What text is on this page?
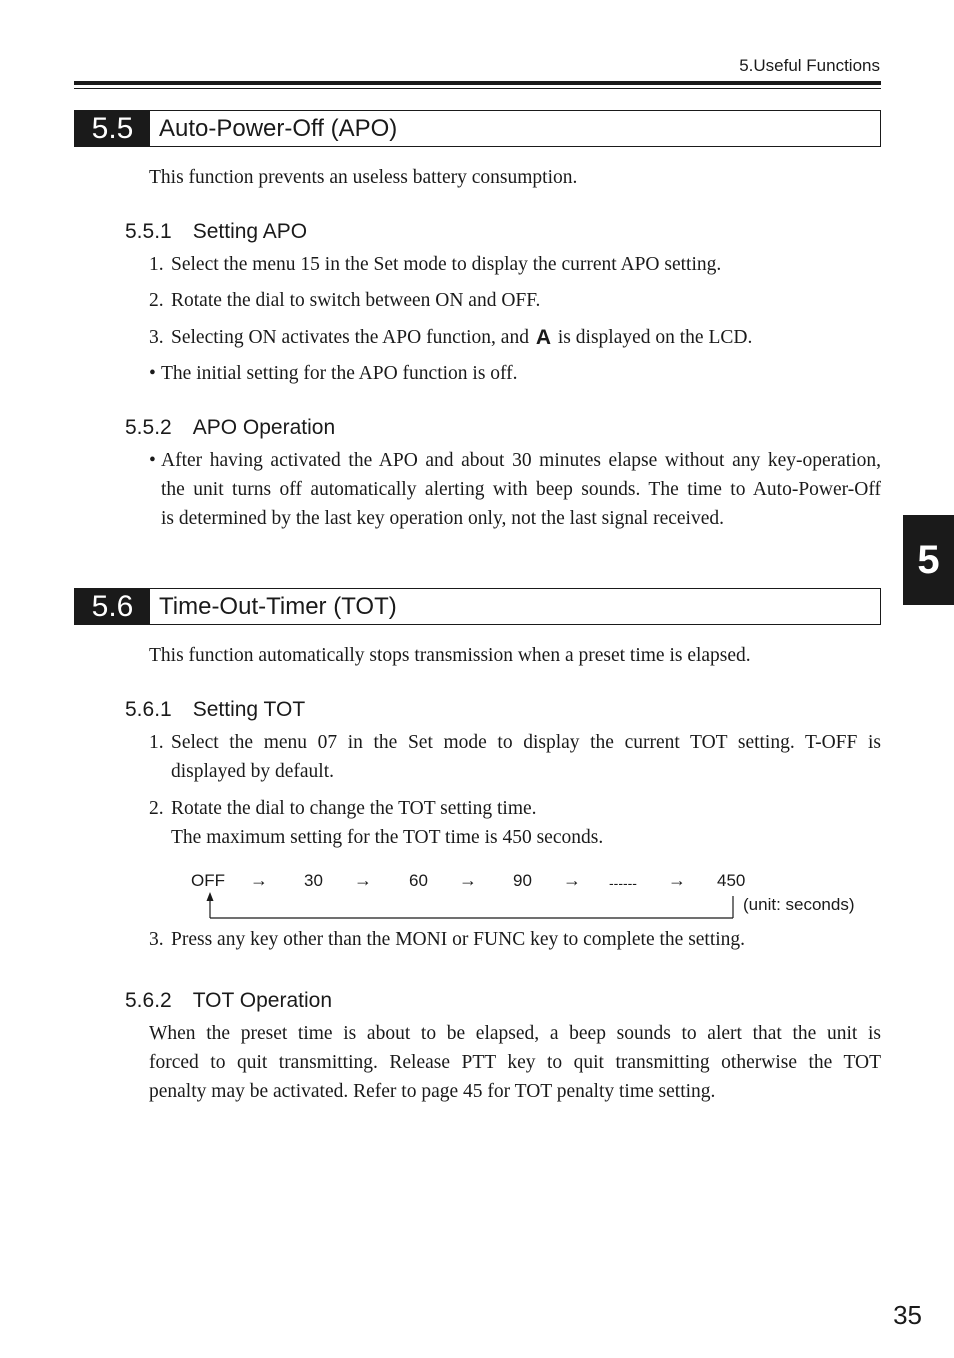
5.Useful Functions
5.5	Auto-Power-Off (APO)
This function prevents an useless battery consumption.
5.5.1 Setting APO
1. Select the menu 15 in the Set mode to display the current APO setting.
2. Rotate the dial to switch between ON and OFF.
3. Selecting ON activates the APO function, and A is displayed on the LCD.
• The initial setting for the APO function is off.
5.5.2 APO Operation
• After having activated the APO and about 30 minutes elapse without any key-operation,
the unit turns off automatically alerting with beep sounds. The time to Auto-Power-Off
is determined by the last key operation only, not the last signal received.
5
5.6	Time-Out-Timer (TOT)
This function automatically stops transmission when a preset time is elapsed.
5.6.1 Setting TOT
1. Select the menu 07 in the Set mode to display the current TOT setting. T-OFF is
displayed by default.
2. Rotate the dial to change the TOT setting time.
The maximum setting for the TOT time is 450 seconds.
OFF → 30 → 60 → 90 → ------ → 450
(unit: seconds)
3. Press any key other than the MONI or FUNC key to complete the setting.
5.6.2 TOT Operation
When the preset time is about to be elapsed, a beep sounds to alert that the unit is
forced to quit transmitting. Release PTT key to quit transmitting otherwise the TOT
penalty may be activated. Refer to page 45 for TOT penalty time setting.
35
